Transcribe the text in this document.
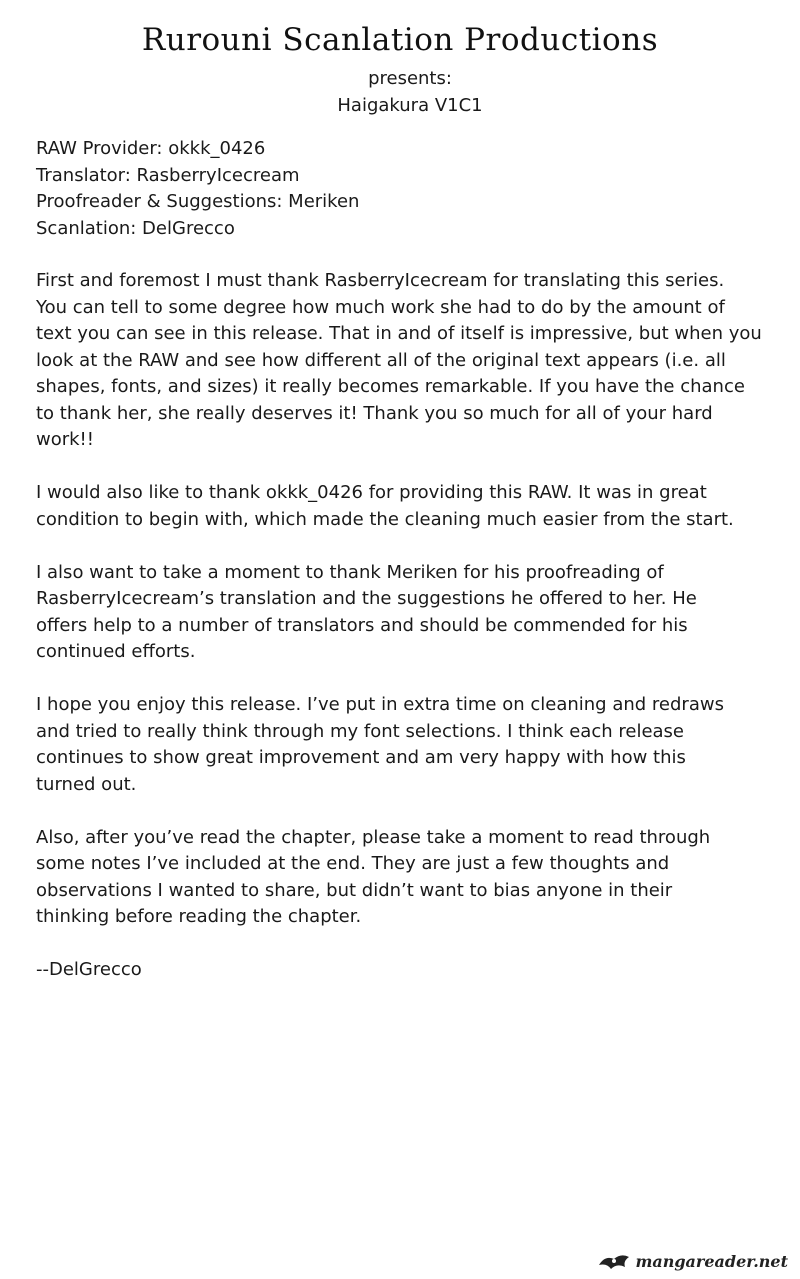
Rurouni Scanlation Productions
presents:
Haigakura V1C1
RAW Provider: okkk_0426
Translator: RasberryIcecream
Proofreader & Suggestions: Meriken
Scanlation: DelGrecco

First and foremost I must thank RasberryIcecream for translating this series.
You can tell to some degree how much work she had to do by the amount of
text you can see in this release. That in and of itself is impressive, but when you
look at the RAW and see how different all of the original text appears (i.e. all
shapes, fonts, and sizes) it really becomes remarkable. If you have the chance
to thank her, she really deserves it! Thank you so much for all of your hard
work!!

I would also like to thank okkk_0426 for providing this RAW. It was in great
condition to begin with, which made the cleaning much easier from the start.

I also want to take a moment to thank Meriken for his proofreading of
RasberryIcecream’s translation and the suggestions he offered to her. He
offers help to a number of translators and should be commended for his
continued efforts.

I hope you enjoy this release. I’ve put in extra time on cleaning and redraws
and tried to really think through my font selections. I think each release
continues to show great improvement and am very happy with how this
turned out.

Also, after you’ve read the chapter, please take a moment to read through
some notes I’ve included at the end. They are just a few thoughts and
observations I wanted to share, but didn’t want to bias anyone in their
thinking before reading the chapter.

--DelGrecco

mangareader.net
